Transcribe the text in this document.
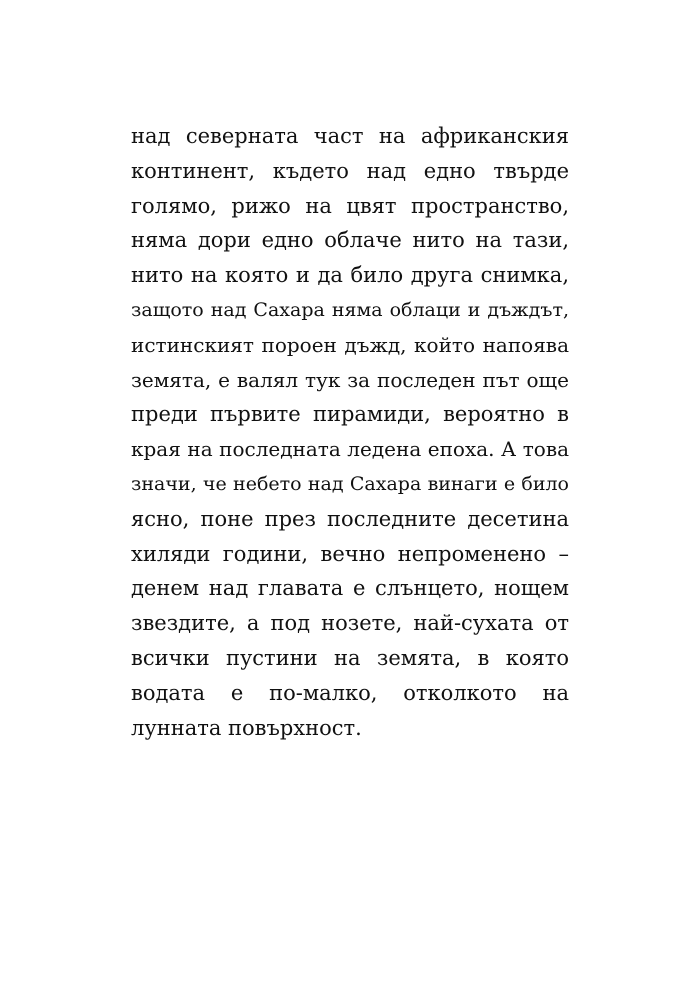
над северната част на африканския
континент, където над едно твърде
голямо, рижо на цвят пространство,
няма дори едно облаче нито на тази,
нито на която и да било друга снимка,
защото над Сахара няма облаци и дъждът,
истинският пороен дъжд, който напоява
земята, е валял тук за последен път още
преди първите пирамиди, вероятно в
края на последната ледена епоха. А това
значи, че небето над Сахара винаги е било
ясно, поне през последните десетина
хиляди години, вечно непроменено –
денем над главата е слънцето, нощем
звездите, а под нозете, най-сухата от
всички пустини на земята, в която
водата е по-малко, отколкото на
лунната повърхност.
